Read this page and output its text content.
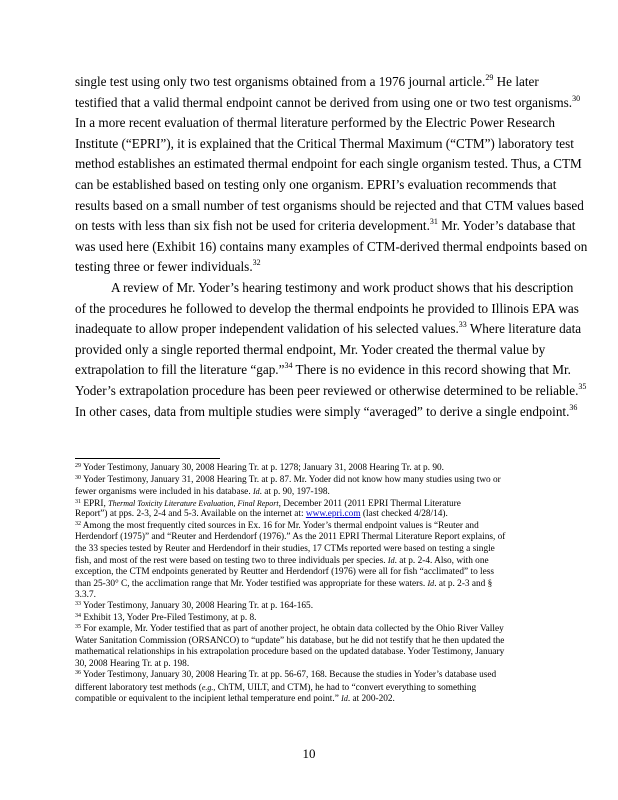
single test using only two test organisms obtained from a 1976 journal article.$^{29}$ He later
testified that a valid thermal endpoint cannot be derived from using one or two test organisms.$^{30}$
In a more recent evaluation of thermal literature performed by the Electric Power Research
Institute (“EPRI”), it is explained that the Critical Thermal Maximum (“CTM”) laboratory test
method establishes an estimated thermal endpoint for each single organism tested. Thus, a CTM
can be established based on testing only one organism. EPRI’s evaluation recommends that
results based on a small number of test organisms should be rejected and that CTM values based
on tests with less than six fish not be used for criteria development.$^{31}$ Mr. Yoder’s database that
was used here (Exhibit 16) contains many examples of CTM-derived thermal endpoints based on
testing three or fewer individuals.$^{32}$
A review of Mr. Yoder’s hearing testimony and work product shows that his description
of the procedures he followed to develop the thermal endpoints he provided to Illinois EPA was
inadequate to allow proper independent validation of his selected values.$^{33}$ Where literature data
provided only a single reported thermal endpoint, Mr. Yoder created the thermal value by
extrapolation to fill the literature “gap.”$^{34}$ There is no evidence in this record showing that Mr.
Yoder’s extrapolation procedure has been peer reviewed or otherwise determined to be reliable.$^{35}$
In other cases, data from multiple studies were simply “averaged” to derive a single endpoint.$^{36}$
$^{29}$ Yoder Testimony, January 30, 2008 Hearing Tr. at p. 1278; January 31, 2008 Hearing Tr. at p. 90.
$^{30}$ Yoder Testimony, January 31, 2008 Hearing Tr. at p. 87. Mr. Yoder did not know how many studies using two or
fewer organisms were included in his database. Id. at p. 90, 197-198.
$^{31}$ EPRI, Thermal Toxicity Literature Evaluation, Final Report, December 2011 (2011 EPRI Thermal Literature
Report”) at pps. 2-3, 2-4 and 5-3. Available on the internet at: www.epri.com (last checked 4/28/14).
$^{32}$ Among the most frequently cited sources in Ex. 16 for Mr. Yoder’s thermal endpoint values is “Reuter and
Herdendorf (1975)” and “Reuter and Herdendorf (1976).” As the 2011 EPRI Thermal Literature Report explains, of
the 33 species tested by Reuter and Herdendorf in their studies, 17 CTMs reported were based on testing a single
fish, and most of the rest were based on testing two to three individuals per species. Id. at p. 2-4. Also, with one
exception, the CTM endpoints generated by Reutter and Herdendorf (1976) were all for fish “acclimated” to less
than 25-30° C, the acclimation range that Mr. Yoder testified was appropriate for these waters. Id. at p. 2-3 and §
3.3.7.
$^{33}$ Yoder Testimony, January 30, 2008 Hearing Tr. at p. 164-165.
$^{34}$ Exhibit 13, Yoder Pre-Filed Testimony, at p. 8.
$^{35}$ For example, Mr. Yoder testified that as part of another project, he obtain data collected by the Ohio River Valley
Water Sanitation Commission (ORSANCO) to “update” his database, but he did not testify that he then updated the
mathematical relationships in his extrapolation procedure based on the updated database. Yoder Testimony, January
30, 2008 Hearing Tr. at p. 198.
$^{36}$ Yoder Testimony, January 30, 2008 Hearing Tr. at pp. 56-67, 168. Because the studies in Yoder’s database used
different laboratory test methods (e.g., ChTM, UILT, and CTM), he had to “convert everything to something
compatible or equivalent to the incipient lethal temperature end point.” Id. at 200-202.
10
